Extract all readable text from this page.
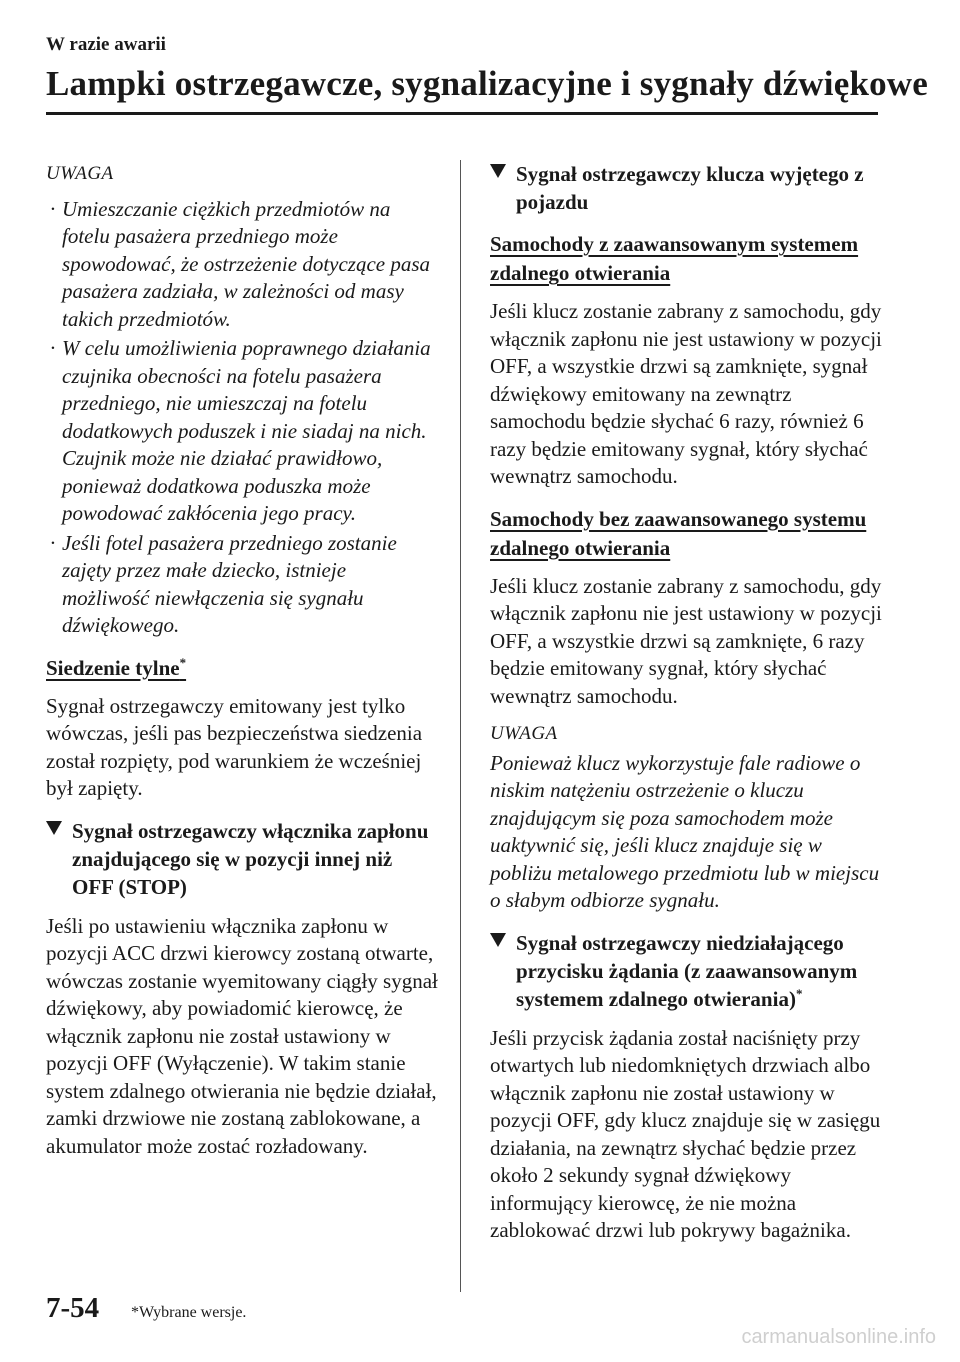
W razie awarii

Lampki ostrzegawcze, sygnalizacyjne i sygnały dźwiękowe

UWAGA

· Umieszczanie ciężkich przedmiotów na fotelu pasażera przedniego może spowodować, że ostrzeżenie dotyczące pasa pasażera zadziała, w zależności od masy takich przedmiotów.
· W celu umożliwienia poprawnego działania czujnika obecności na fotelu pasażera przedniego, nie umieszczaj na fotelu dodatkowych poduszek i nie siadaj na nich. Czujnik może nie działać prawidłowo, ponieważ dodatkowa poduszka może powodować zakłócenia jego pracy.
· Jeśli fotel pasażera przedniego zostanie zajęty przez małe dziecko, istnieje możliwość niewłączenia się sygnału dźwiękowego.
Siedzenie tylne*

Sygnał ostrzegawczy emitowany jest tylko wówczas, jeśli pas bezpieczeństwa siedzenia został rozpięty, pod warunkiem że wcześniej był zapięty.

Sygnał ostrzegawczy włącznika zapłonu znajdującego się w pozycji innej niż OFF (STOP)

Jeśli po ustawieniu włącznika zapłonu w pozycji ACC drzwi kierowcy zostaną otwarte, wówczas zostanie wyemitowany ciągły sygnał dźwiękowy, aby powiadomić kierowcę, że włącznik zapłonu nie został ustawiony w pozycji OFF (Wyłączenie). W takim stanie system zdalnego otwierania nie będzie działał, zamki drzwiowe nie zostaną zablokowane, a akumulator może zostać rozładowany.

Sygnał ostrzegawczy klucza wyjętego z pojazdu
Samochody z zaawansowanym systemem zdalnego otwierania

Jeśli klucz zostanie zabrany z samochodu, gdy włącznik zapłonu nie jest ustawiony w pozycji OFF, a wszystkie drzwi są zamknięte, sygnał dźwiękowy emitowany na zewnątrz samochodu będzie słychać 6 razy, również 6 razy będzie emitowany sygnał, który słychać wewnątrz samochodu.

Samochody bez zaawansowanego systemu zdalnego otwierania

Jeśli klucz zostanie zabrany z samochodu, gdy włącznik zapłonu nie jest ustawiony w pozycji OFF, a wszystkie drzwi są zamknięte, 6 razy będzie emitowany sygnał, który słychać wewnątrz samochodu.

UWAGA

Ponieważ klucz wykorzystuje fale radiowe o niskim natężeniu ostrzeżenie o kluczu znajdującym się poza samochodem może uaktywnić się, jeśli klucz znajduje się w pobliżu metalowego przedmiotu lub w miejscu o słabym odbiorze sygnału.

Sygnał ostrzegawczy niedziałającego przycisku żądania (z zaawansowanym systemem zdalnego otwierania)*

Jeśli przycisk żądania został naciśnięty przy otwartych lub niedomkniętych drzwiach albo włącznik zapłonu nie został ustawiony w pozycji OFF, gdy klucz znajduje się w zasięgu działania, na zewnątrz słychać będzie przez około 2 sekundy sygnał dźwiękowy informujący kierowcę, że nie można zablokować drzwi lub pokrywy bagażnika.

7-54 *Wybrane wersje.
carmanualsonline.info
